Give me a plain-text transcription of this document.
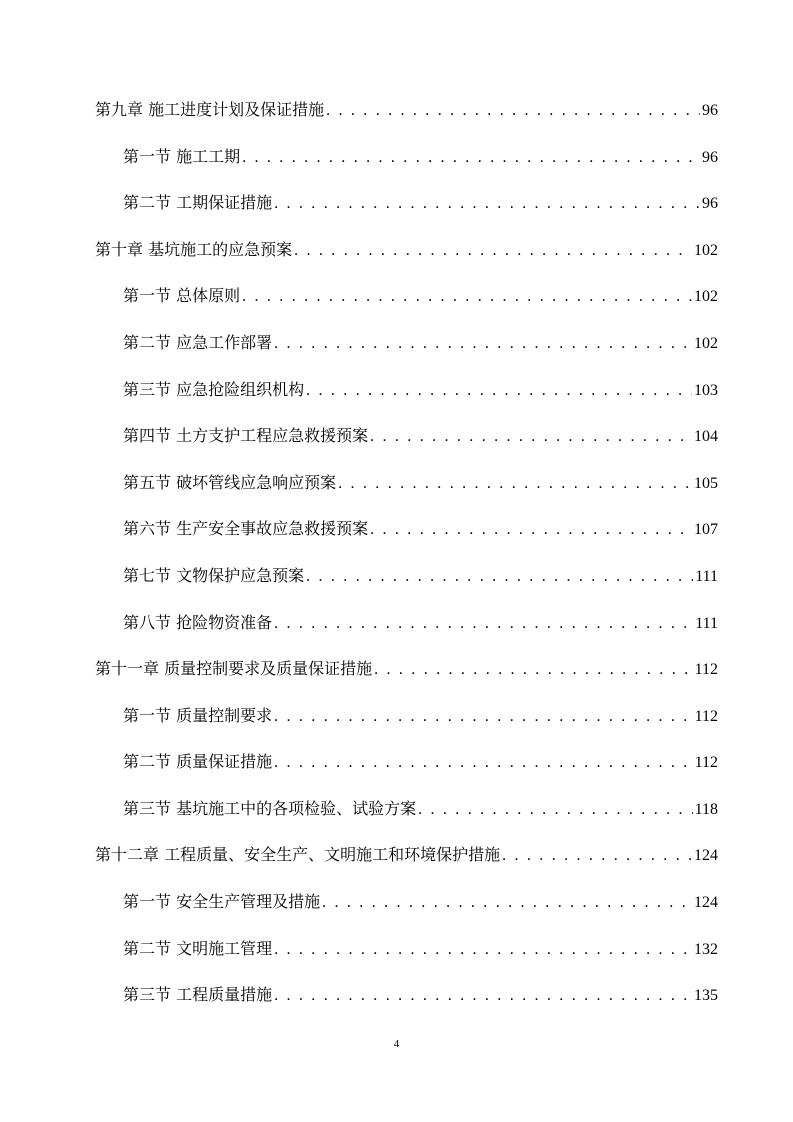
第九章 施工进度计划及保证措施 . . .	96
第一节 施工工期 . . .	96
第二节 工期保证措施 . . .	96
第十章 基坑施工的应急预案 . . .	102
第一节 总体原则 . . .	102
第二节 应急工作部署 . . .	102
第三节 应急抢险组织机构 . . .	103
第四节 土方支护工程应急救援预案 . . .	104
第五节 破坏管线应急响应预案 . . .	105
第六节 生产安全事故应急救援预案 . . .	107
第七节 文物保护应急预案 . . .	111
第八节 抢险物资准备 . . .	111
第十一章 质量控制要求及质量保证措施 . . .	112
第一节 质量控制要求 . . .	112
第二节 质量保证措施 . . .	112
第三节 基坑施工中的各项检验、试验方案 . . .	118
第十二章 工程质量、安全生产、文明施工和环境保护措施 . . .	124
第一节 安全生产管理及措施 . . .	124
第二节 文明施工管理 . . .	132
第三节 工程质量措施 . . .	135
4
